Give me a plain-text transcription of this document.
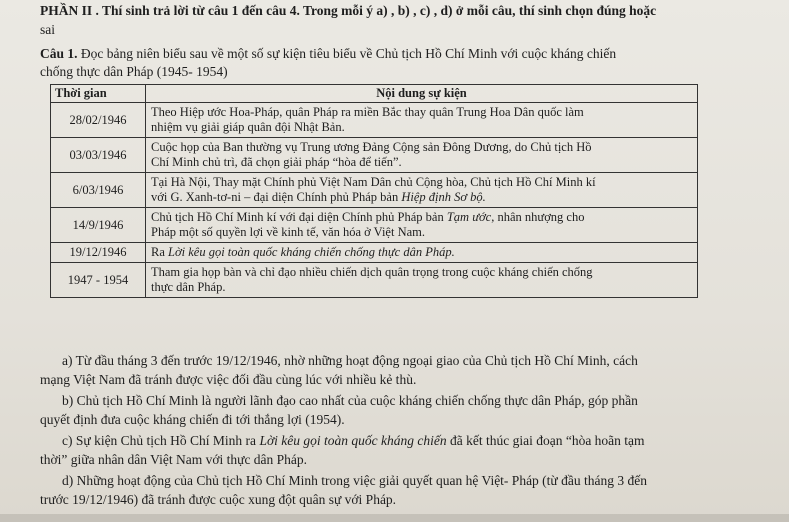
PHẦN II . Thí sinh trả lời từ câu 1 đến câu 4. Trong mỗi ý a) , b) , c) , d) ở mỗi câu, thí sinh chọn đúng hoặc
sai
Câu 1. Đọc bảng niên biểu sau về một số sự kiện tiêu biểu về Chủ tịch Hồ Chí Minh với cuộc kháng chiến
chống thực dân Pháp (1945- 1954)
Thời gian	Nội dung sự kiện
28/02/1946	Theo Hiệp ước Hoa-Pháp, quân Pháp ra miền Bắc thay quân Trung Hoa Dân quốc làm
nhiệm vụ giải giáp quân đội Nhật Bản.
03/03/1946	Cuộc họp của Ban thường vụ Trung ương Đảng Cộng sản Đông Dương, do Chủ tịch Hồ
Chí Minh chủ trì, đã chọn giải pháp “hòa để tiến”.
6/03/1946	Tại Hà Nội, Thay mặt Chính phủ Việt Nam Dân chủ Cộng hòa, Chủ tịch Hồ Chí Minh kí
với G. Xanh-tơ-ni – đại diện Chính phủ Pháp bản Hiệp định Sơ bộ.
14/9/1946	Chủ tịch Hồ Chí Minh kí với đại diện Chính phủ Pháp bản Tạm ước, nhân nhượng cho
Pháp một số quyền lợi về kinh tế, văn hóa ở Việt Nam.
19/12/1946	Ra Lời kêu gọi toàn quốc kháng chiến chống thực dân Pháp.
1947 - 1954	Tham gia họp bàn và chỉ đạo nhiều chiến dịch quân trọng trong cuộc kháng chiến chống
thực dân Pháp.
a) Từ đầu tháng 3 đến trước 19/12/1946, nhờ những hoạt động ngoại giao của Chủ tịch Hồ Chí Minh, cách
mạng Việt Nam đã tránh được việc đối đầu cùng lúc với nhiều kẻ thù.
b) Chủ tịch Hồ Chí Minh là người lãnh đạo cao nhất của cuộc kháng chiến chống thực dân Pháp, góp phần
quyết định đưa cuộc kháng chiến đi tới thắng lợi (1954).
c) Sự kiện Chủ tịch Hồ Chí Minh ra Lời kêu gọi toàn quốc kháng chiến đã kết thúc giai đoạn “hòa hoãn tạm
thời” giữa nhân dân Việt Nam với thực dân Pháp.
d) Những hoạt động của Chủ tịch Hồ Chí Minh trong việc giải quyết quan hệ Việt- Pháp (từ đầu tháng 3 đến
trước 19/12/1946) đã tránh được cuộc xung đột quân sự với Pháp.
